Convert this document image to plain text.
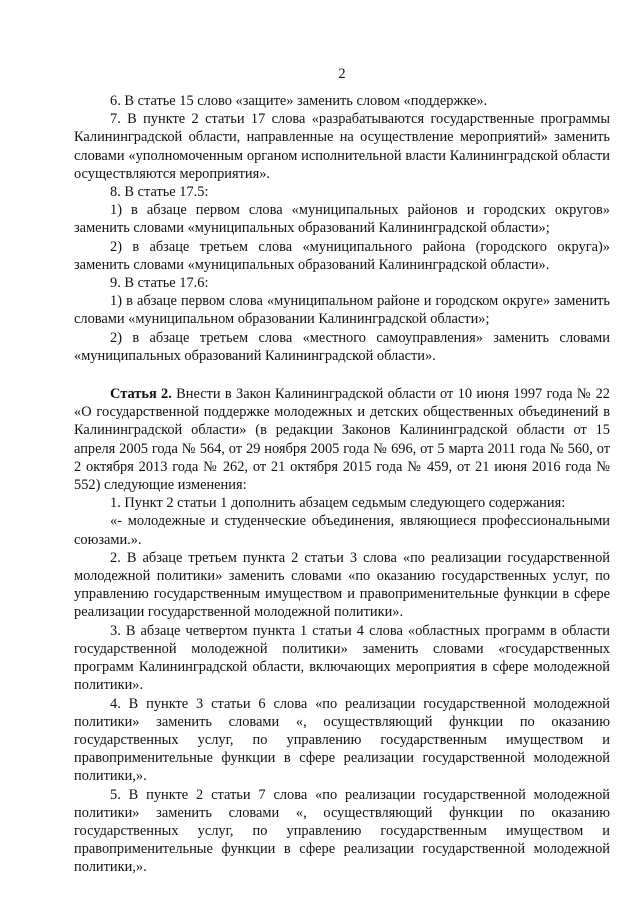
2

6. В статье 15 слово «защите» заменить словом «поддержке».

7. В пункте 2 статьи 17 слова «разрабатываются государственные программы Калининградской области, направленные на осуществление мероприятий» заменить словами «уполномоченным органом исполнительной власти Калининградской области осуществляются мероприятия».

8. В статье 17.5:

1) в абзаце первом слова «муниципальных районов и городских округов» заменить словами «муниципальных образований Калининградской области»;

2) в абзаце третьем слова «муниципального района (городского округа)» заменить словами «муниципальных образований Калининградской области».

9. В статье 17.6:

1) в абзаце первом слова «муниципальном районе и городском округе» заменить словами «муниципальном образовании Калининградской области»;

2) в абзаце третьем слова «местного самоуправления» заменить словами «муниципальных образований Калининградской области».

Статья 2. Внести в Закон Калининградской области от 10 июня 1997 года № 22 «О государственной поддержке молодежных и детских общественных объединений в Калининградской области» (в редакции Законов Калининградской области от 15 апреля 2005 года № 564, от 29 ноября 2005 года № 696, от 5 марта 2011 года № 560, от 2 октября 2013 года № 262, от 21 октября 2015 года № 459, от 21 июня 2016 года № 552) следующие изменения:

1. Пункт 2 статьи 1 дополнить абзацем седьмым следующего содержания:

«- молодежные и студенческие объединения, являющиеся профессиональными союзами.».

2. В абзаце третьем пункта 2 статьи 3 слова «по реализации государственной молодежной политики» заменить словами «по оказанию государственных услуг, по управлению государственным имуществом и правоприменительные функции в сфере реализации государственной молодежной политики».

3. В абзаце четвертом пункта 1 статьи 4 слова «областных программ в области государственной молодежной политики» заменить словами «государственных программ Калининградской области, включающих мероприятия в сфере молодежной политики».

4. В пункте 3 статьи 6 слова «по реализации государственной молодежной политики» заменить словами «, осуществляющий функции по оказанию государственных услуг, по управлению государственным имуществом и правоприменительные функции в сфере реализации государственной молодежной политики,».

5. В пункте 2 статьи 7 слова «по реализации государственной молодежной политики» заменить словами «, осуществляющий функции по оказанию государственных услуг, по управлению государственным имуществом и правоприменительные функции в сфере реализации государственной молодежной политики,».
